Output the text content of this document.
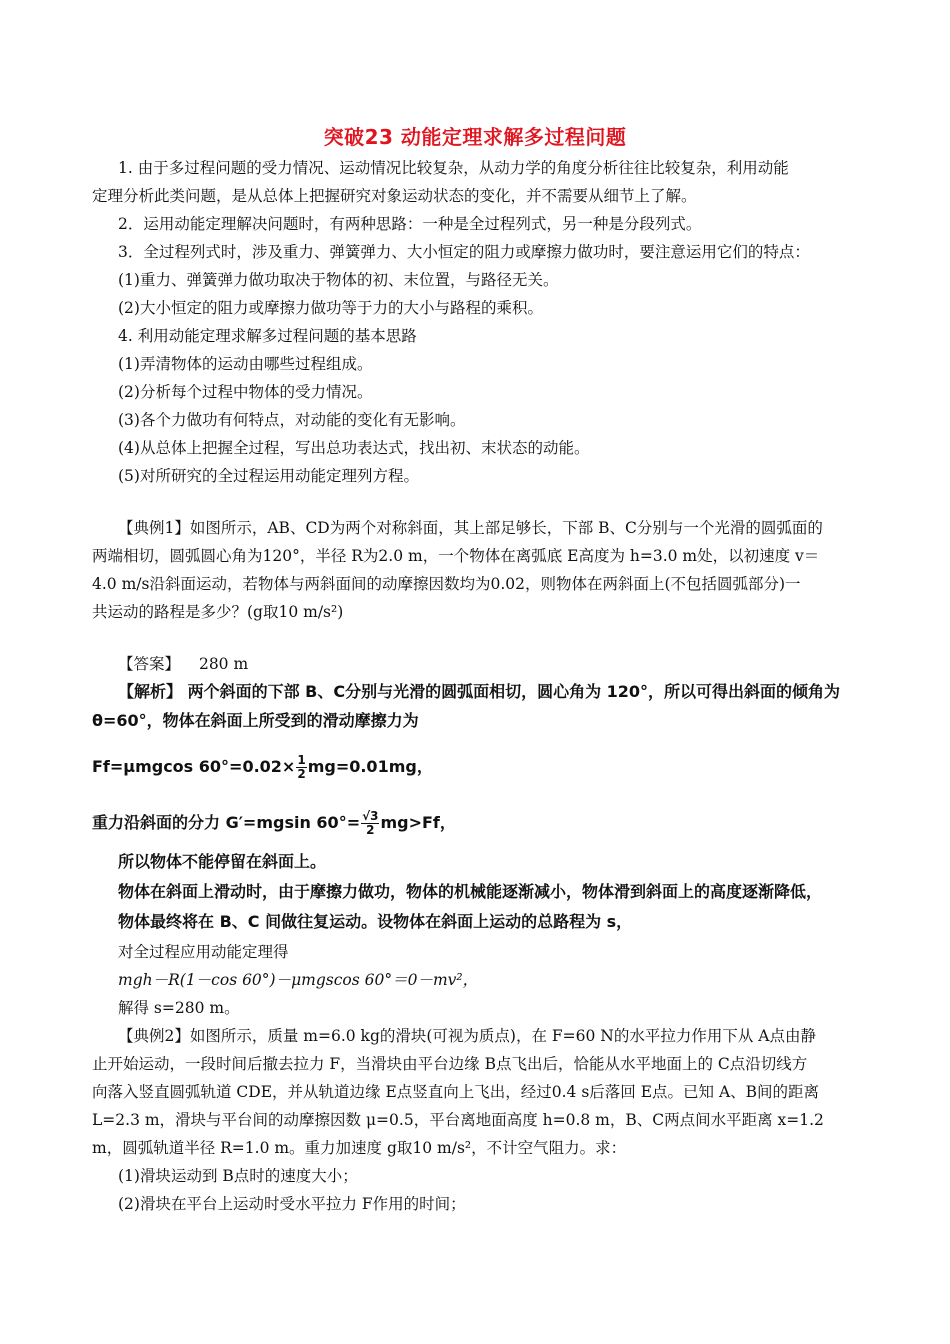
突破23 动能定理求解多过程问题
1. 由于多过程问题的受力情况、运动情况比较复杂，从动力学的角度分析往往比较复杂，利用动能
定理分析此类问题，是从总体上把握研究对象运动状态的变化，并不需要从细节上了解。
2．运用动能定理解决问题时，有两种思路：一种是全过程列式，另一种是分段列式。
3．全过程列式时，涉及重力、弹簧弹力、大小恒定的阻力或摩擦力做功时，要注意运用它们的特点：
(1)重力、弹簧弹力做功取决于物体的初、末位置，与路径无关。
(2)大小恒定的阻力或摩擦力做功等于力的大小与路程的乘积。
4. 利用动能定理求解多过程问题的基本思路
(1)弄清物体的运动由哪些过程组成。
(2)分析每个过程中物体的受力情况。
(3)各个力做功有何特点，对动能的变化有无影响。
(4)从总体上把握全过程，写出总功表达式，找出初、末状态的动能。
(5)对所研究的全过程运用动能定理列方程。
【典例1】如图所示，AB、CD为两个对称斜面，其上部足够长，下部 B、C分别与一个光滑的圆弧面的
两端相切，圆弧圆心角为120°，半径 R为2.0 m，一个物体在离弧底 E高度为 h=3.0 m处，以初速度 v＝
4.0 m/s沿斜面运动，若物体与两斜面间的动摩擦因数均为0.02，则物体在两斜面上(不包括圆弧部分)一
共运动的路程是多少？(g取10 m/s²)
【答案】 280 m
【解析】 两个斜面的下部 B、C分别与光滑的圆弧面相切，圆心角为 120°，所以可得出斜面的倾角为
θ=60°，物体在斜面上所受到的滑动摩擦力为
Ff=μmgcos $60^\circ=0.02\times \frac{1}{2} mg=0.01mg$，
重力沿斜面的分力 G′=mgsin $60^\circ= \frac{√3}{2} mg>Ff$，
所以物体不能停留在斜面上。
物体在斜面上滑动时，由于摩擦力做功，物体的机械能逐渐减小，物体滑到斜面上的高度逐渐降低，
物体最终将在 B、C 间做往复运动。设物体在斜面上运动的总路程为 s，
对全过程应用动能定理得
mgh－R(1－cos 60°)－μmgscos 60°＝0－mv²，
解得 s=280 m。
【典例2】如图所示，质量 m=6.0 kg的滑块(可视为质点)，在 F=60 N的水平拉力作用下从 A点由静
止开始运动，一段时间后撤去拉力 F，当滑块由平台边缘 B点飞出后，恰能从水平地面上的 C点沿切线方
向落入竖直圆弧轨道 CDE，并从轨道边缘 E点竖直向上飞出，经过0.4 s后落回 E点。已知 A、B间的距离
L=2.3 m，滑块与平台间的动摩擦因数 μ=0.5，平台离地面高度 h=0.8 m，B、C两点间水平距离 x=1.2
m，圆弧轨道半径 R=1.0 m。重力加速度 g取10 m/s²，不计空气阻力。求：
(1)滑块运动到 B点时的速度大小；
(2)滑块在平台上运动时受水平拉力 F作用的时间；
